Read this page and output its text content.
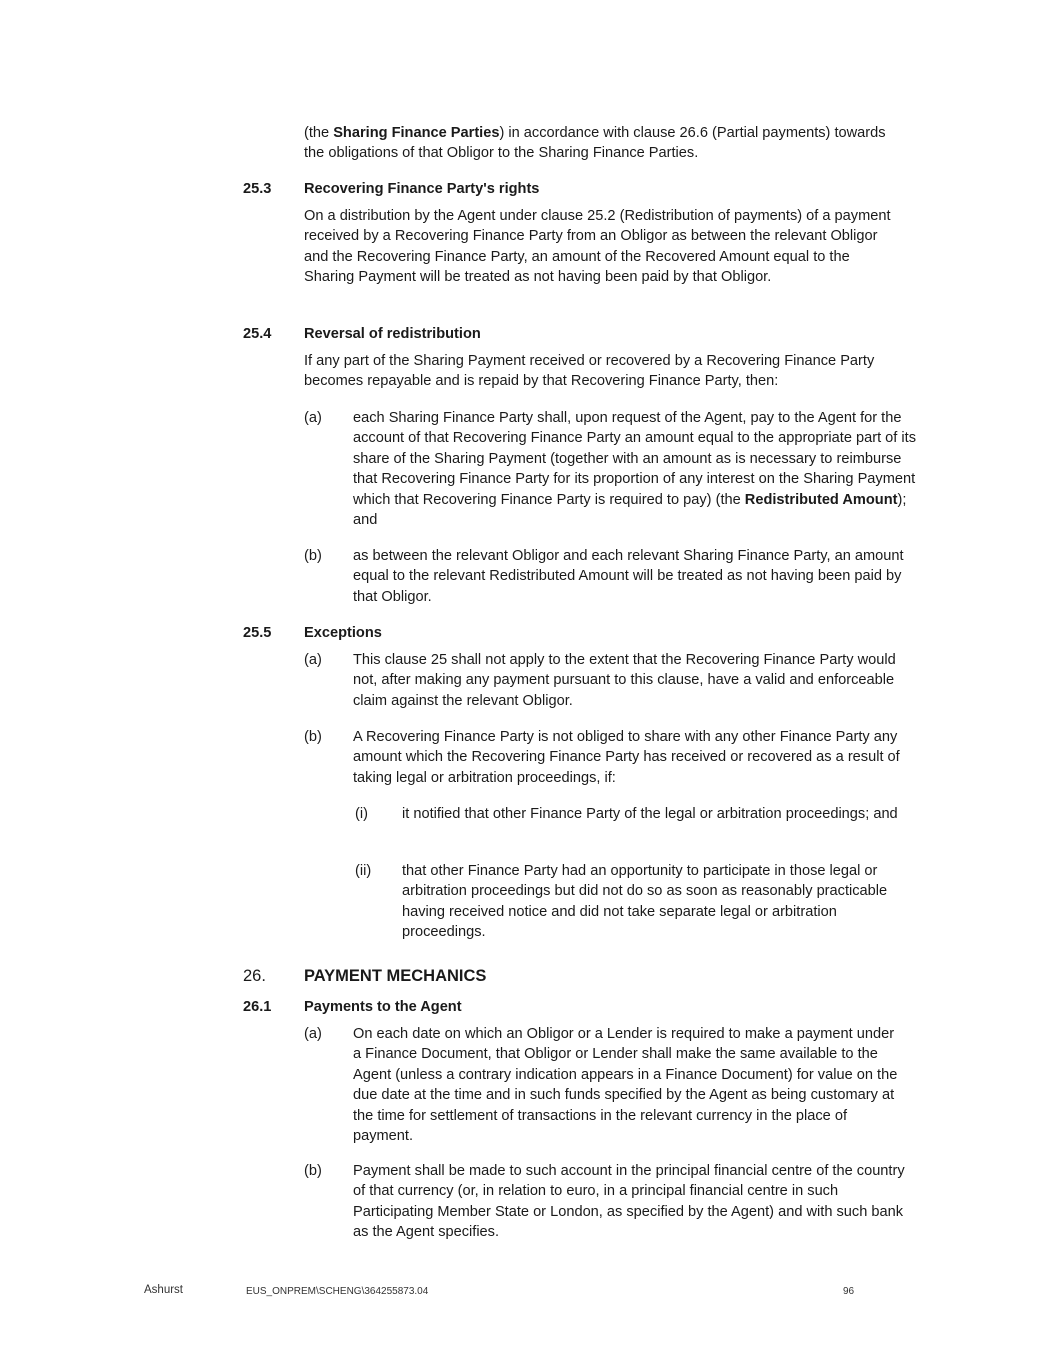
(the Sharing Finance Parties) in accordance with clause 26.6 (Partial payments) towards the obligations of that Obligor to the Sharing Finance Parties.

25.3 Recovering Finance Party's rights

On a distribution by the Agent under clause 25.2 (Redistribution of payments) of a payment received by a Recovering Finance Party from an Obligor as between the relevant Obligor and the Recovering Finance Party, an amount of the Recovered Amount equal to the Sharing Payment will be treated as not having been paid by that Obligor.

25.4 Reversal of redistribution

If any part of the Sharing Payment received or recovered by a Recovering Finance Party becomes repayable and is repaid by that Recovering Finance Party, then:

(a) each Sharing Finance Party shall, upon request of the Agent, pay to the Agent for the account of that Recovering Finance Party an amount equal to the appropriate part of its share of the Sharing Payment (together with an amount as is necessary to reimburse that Recovering Finance Party for its proportion of any interest on the Sharing Payment which that Recovering Finance Party is required to pay) (the Redistributed Amount); and

(b) as between the relevant Obligor and each relevant Sharing Finance Party, an amount equal to the relevant Redistributed Amount will be treated as not having been paid by that Obligor.

25.5 Exceptions
(a) This clause 25 shall not apply to the extent that the Recovering Finance Party would not, after making any payment pursuant to this clause, have a valid and enforceable claim against the relevant Obligor.

(b) A Recovering Finance Party is not obliged to share with any other Finance Party any amount which the Recovering Finance Party has received or recovered as a result of taking legal or arbitration proceedings, if:

(i) it notified that other Finance Party of the legal or arbitration proceedings; and

(ii) that other Finance Party had an opportunity to participate in those legal or arbitration proceedings but did not do so as soon as reasonably practicable having received notice and did not take separate legal or arbitration proceedings.

26. PAYMENT MECHANICS
26.1 Payments to the Agent
(a) On each date on which an Obligor or a Lender is required to make a payment under a Finance Document, that Obligor or Lender shall make the same available to the Agent (unless a contrary indication appears in a Finance Document) for value on the due date at the time and in such funds specified by the Agent as being customary at the time for settlement of transactions in the relevant currency in the place of payment.

(b) Payment shall be made to such account in the principal financial centre of the country of that currency (or, in relation to euro, in a principal financial centre in such Participating Member State or London, as specified by the Agent) and with such bank as the Agent specifies.

Ashurst	EUS_ONPREM\SCHENG\364255873.04	96
